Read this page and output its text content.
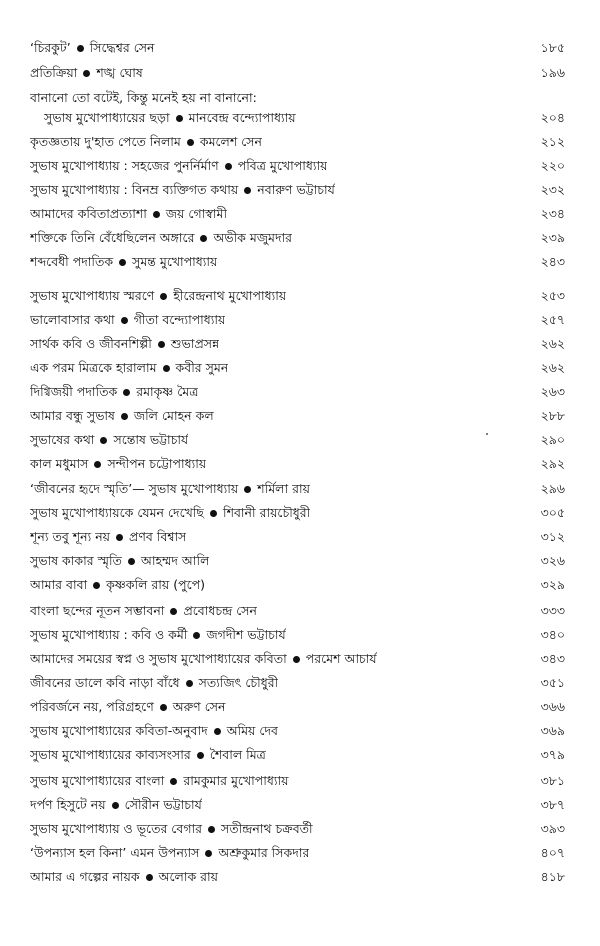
‘চিরকুট’ সিদ্ধেশ্বর সেন	১৮৫
প্রতিক্রিয়া শঙ্খ ঘোষ	১৯৬
বানানো তো বটেই, কিন্তু মনেই হয় না বানানো:
সুভাষ মুখোপাধ্যায়ের ছড়া মানবেন্দ্র বন্দ্যোপাধ্যায়	২০৪
কৃতজ্ঞতায় দু'হাত পেতে নিলাম কমলেশ সেন	২১২
সুভাষ মুখোপাধ্যায় : সহজের পুনর্নির্মাণ পবিত্র মুখোপাধ্যায়	২২০
সুভাষ মুখোপাধ্যায় : বিনম্র ব্যক্তিগত কথায় নবারুণ ভট্টাচার্য	২৩২
আমাদের কবিতাপ্রত্যাশা জয় গোস্বামী	২৩৪
শক্তিকে তিনি বেঁধেছিলেন অঙ্গারে অভীক মজুমদার	২৩৯
শব্দবেধী পদাতিক সুমন্ত মুখোপাধ্যায়	২৪৩
সুভাষ মুখোপাধ্যায় স্মরণে হীরেন্দ্রনাথ মুখোপাধ্যায়	২৫৩
ভালোবাসার কথা গীতা বন্দ্যোপাধ্যায়	২৫৭
সার্থক কবি ও জীবনশিল্পী শুভাপ্রসন্ন	২৬২
এক পরম মিত্রকে হারালাম কবীর সুমন	২৬২
দিগ্বিজয়ী পদাতিক রমাকৃষ্ণ মৈত্র	২৬৩
আমার বন্ধু সুভাষ জলি মোহন কল	২৮৮
সুভাষের কথা সন্তোষ ভট্টাচার্য	২৯০
কাল মধুমাস সন্দীপন চট্টোপাধ্যায়	২৯২
‘জীবনের হৃদে স্মৃতি’— সুভাষ মুখোপাধ্যায় শর্মিলা রায়	২৯৬
সুভাষ মুখোপাধ্যায়কে যেমন দেখেছি শিবানী রায়চৌধুরী	৩০৫
শূন্য তবু শূন্য নয় প্রণব বিশ্বাস	৩১২
সুভাষ কাকার স্মৃতি আহম্মদ আলি	৩২৬
আমার বাবা কৃষ্ণকলি রায় (পুপে)	৩২৯
বাংলা ছন্দের নূতন সম্ভাবনা প্রবোধচন্দ্র সেন	৩৩৩
সুভাষ মুখোপাধ্যায় : কবি ও কর্মী জগদীশ ভট্টাচার্য	৩৪০
আমাদের সময়ের স্বপ্ন ও সুভাষ মুখোপাধ্যায়ের কবিতা পরমেশ আচার্য	৩৪৩
জীবনের ডালে কবি নাড়া বাঁধে সত্যজিৎ চৌধুরী	৩৫১
পরিবর্জনে নয়, পরিগ্রহণে অরুণ সেন	৩৬৬
সুভাষ মুখোপাধ্যায়ের কবিতা-অনুবাদ অমিয় দেব	৩৬৯
সুভাষ মুখোপাধ্যায়ের কাব্যসংসার শৈবাল মিত্র	৩৭৯
সুভাষ মুখোপাধ্যায়ের বাংলা রামকুমার মুখোপাধ্যায়	৩৮১
দর্পণ হিসুটে নয় সৌরীন ভট্টাচার্য	৩৮৭
সুভাষ মুখোপাধ্যায় ও ভূতের বেগার সতীন্দ্রনাথ চক্রবর্তী	৩৯৩
‘উপন্যাস হল কিনা’ এমন উপন্যাস অশ্রুকুমার সিকদার	৪০৭
আমার এ গল্পের নায়ক অলোক রায়	৪১৮
